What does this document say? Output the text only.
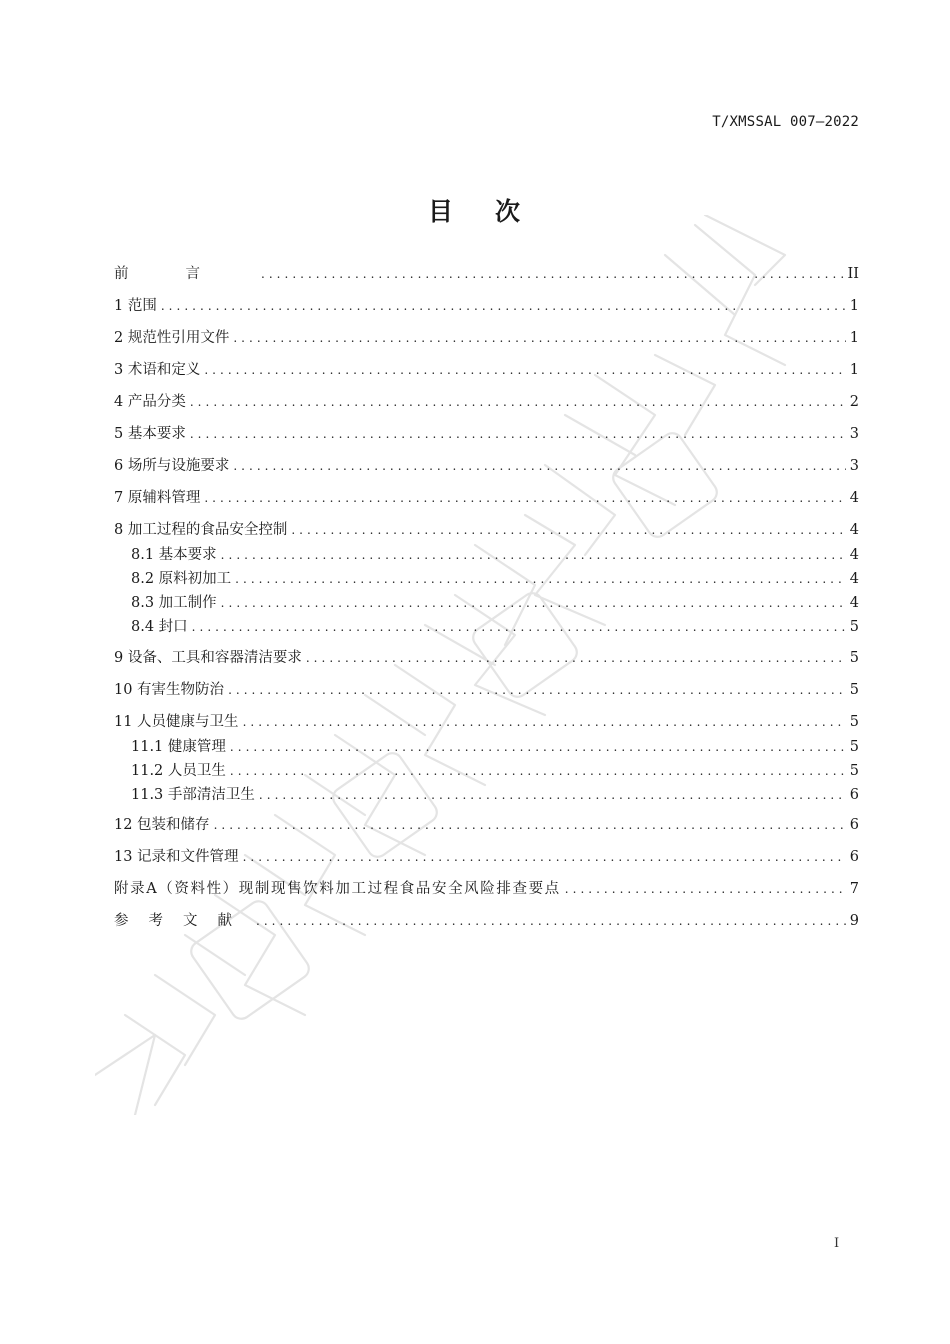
T/XMSSAL 007—2022
目 次
前言 . . .	II
1 范围 . . .	1
2 规范性引用文件 . . .	1
3 术语和定义 . . .	1
4 产品分类 . . .	2
5 基本要求 . . .	3
6 场所与设施要求 . . .	3
7 原辅料管理 . . .	4
8 加工过程的食品安全控制 . . .	4
8.1 基本要求 . . .	4
8.2 原料初加工 . . .	4
8.3 加工制作 . . .	4
8.4 封口 . . .	5
9 设备、工具和容器清洁要求 . . .	5
10 有害生物防治 . . .	5
11 人员健康与卫生 . . .	5
11.1 健康管理 . . .	5
11.2 人员卫生 . . .	5
11.3 手部清洁卫生 . . .	6
12 包装和储存 . . .	6
13 记录和文件管理 . . .	6
附录A（资料性）现制现售饮料加工过程食品安全风险排查要点 . . .	7
参考文献 . . .	9
I
